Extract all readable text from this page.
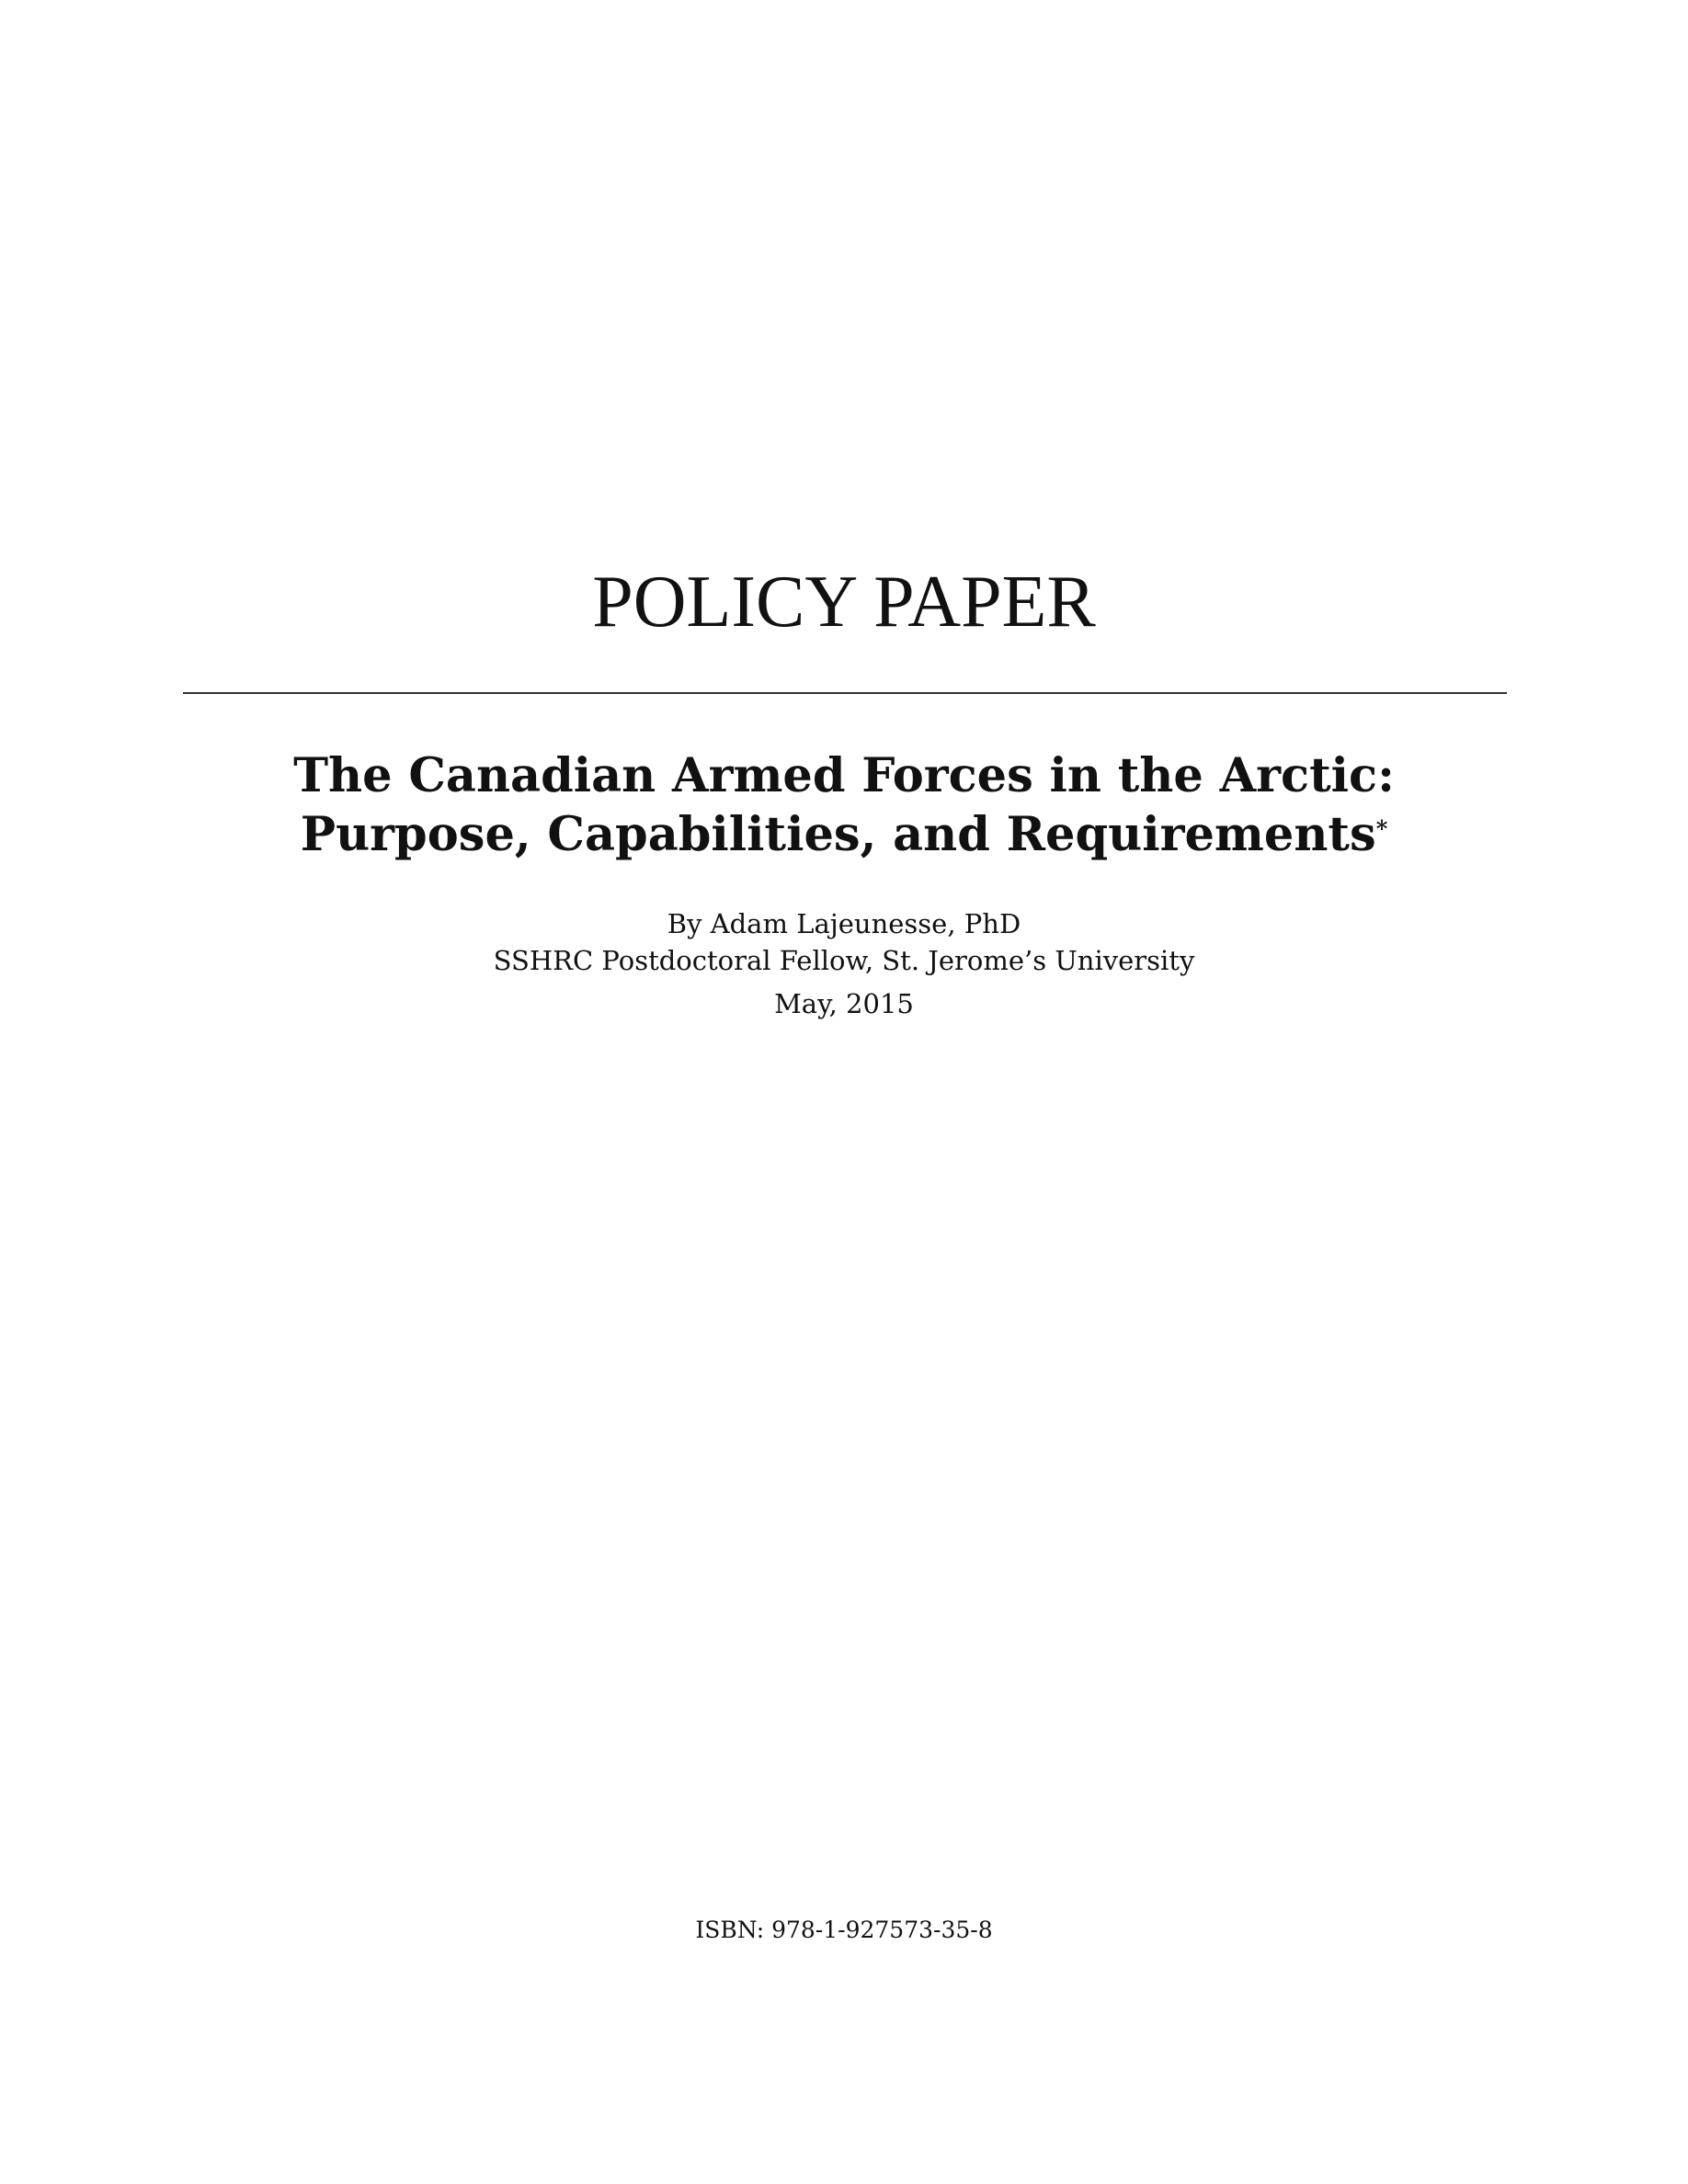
POLICY PAPER
The Canadian Armed Forces in the Arctic:
Purpose, Capabilities, and Requirements*
By Adam Lajeunesse, PhD
SSHRC Postdoctoral Fellow, St. Jerome’s University
May, 2015
ISBN: 978-1-927573-35-8
